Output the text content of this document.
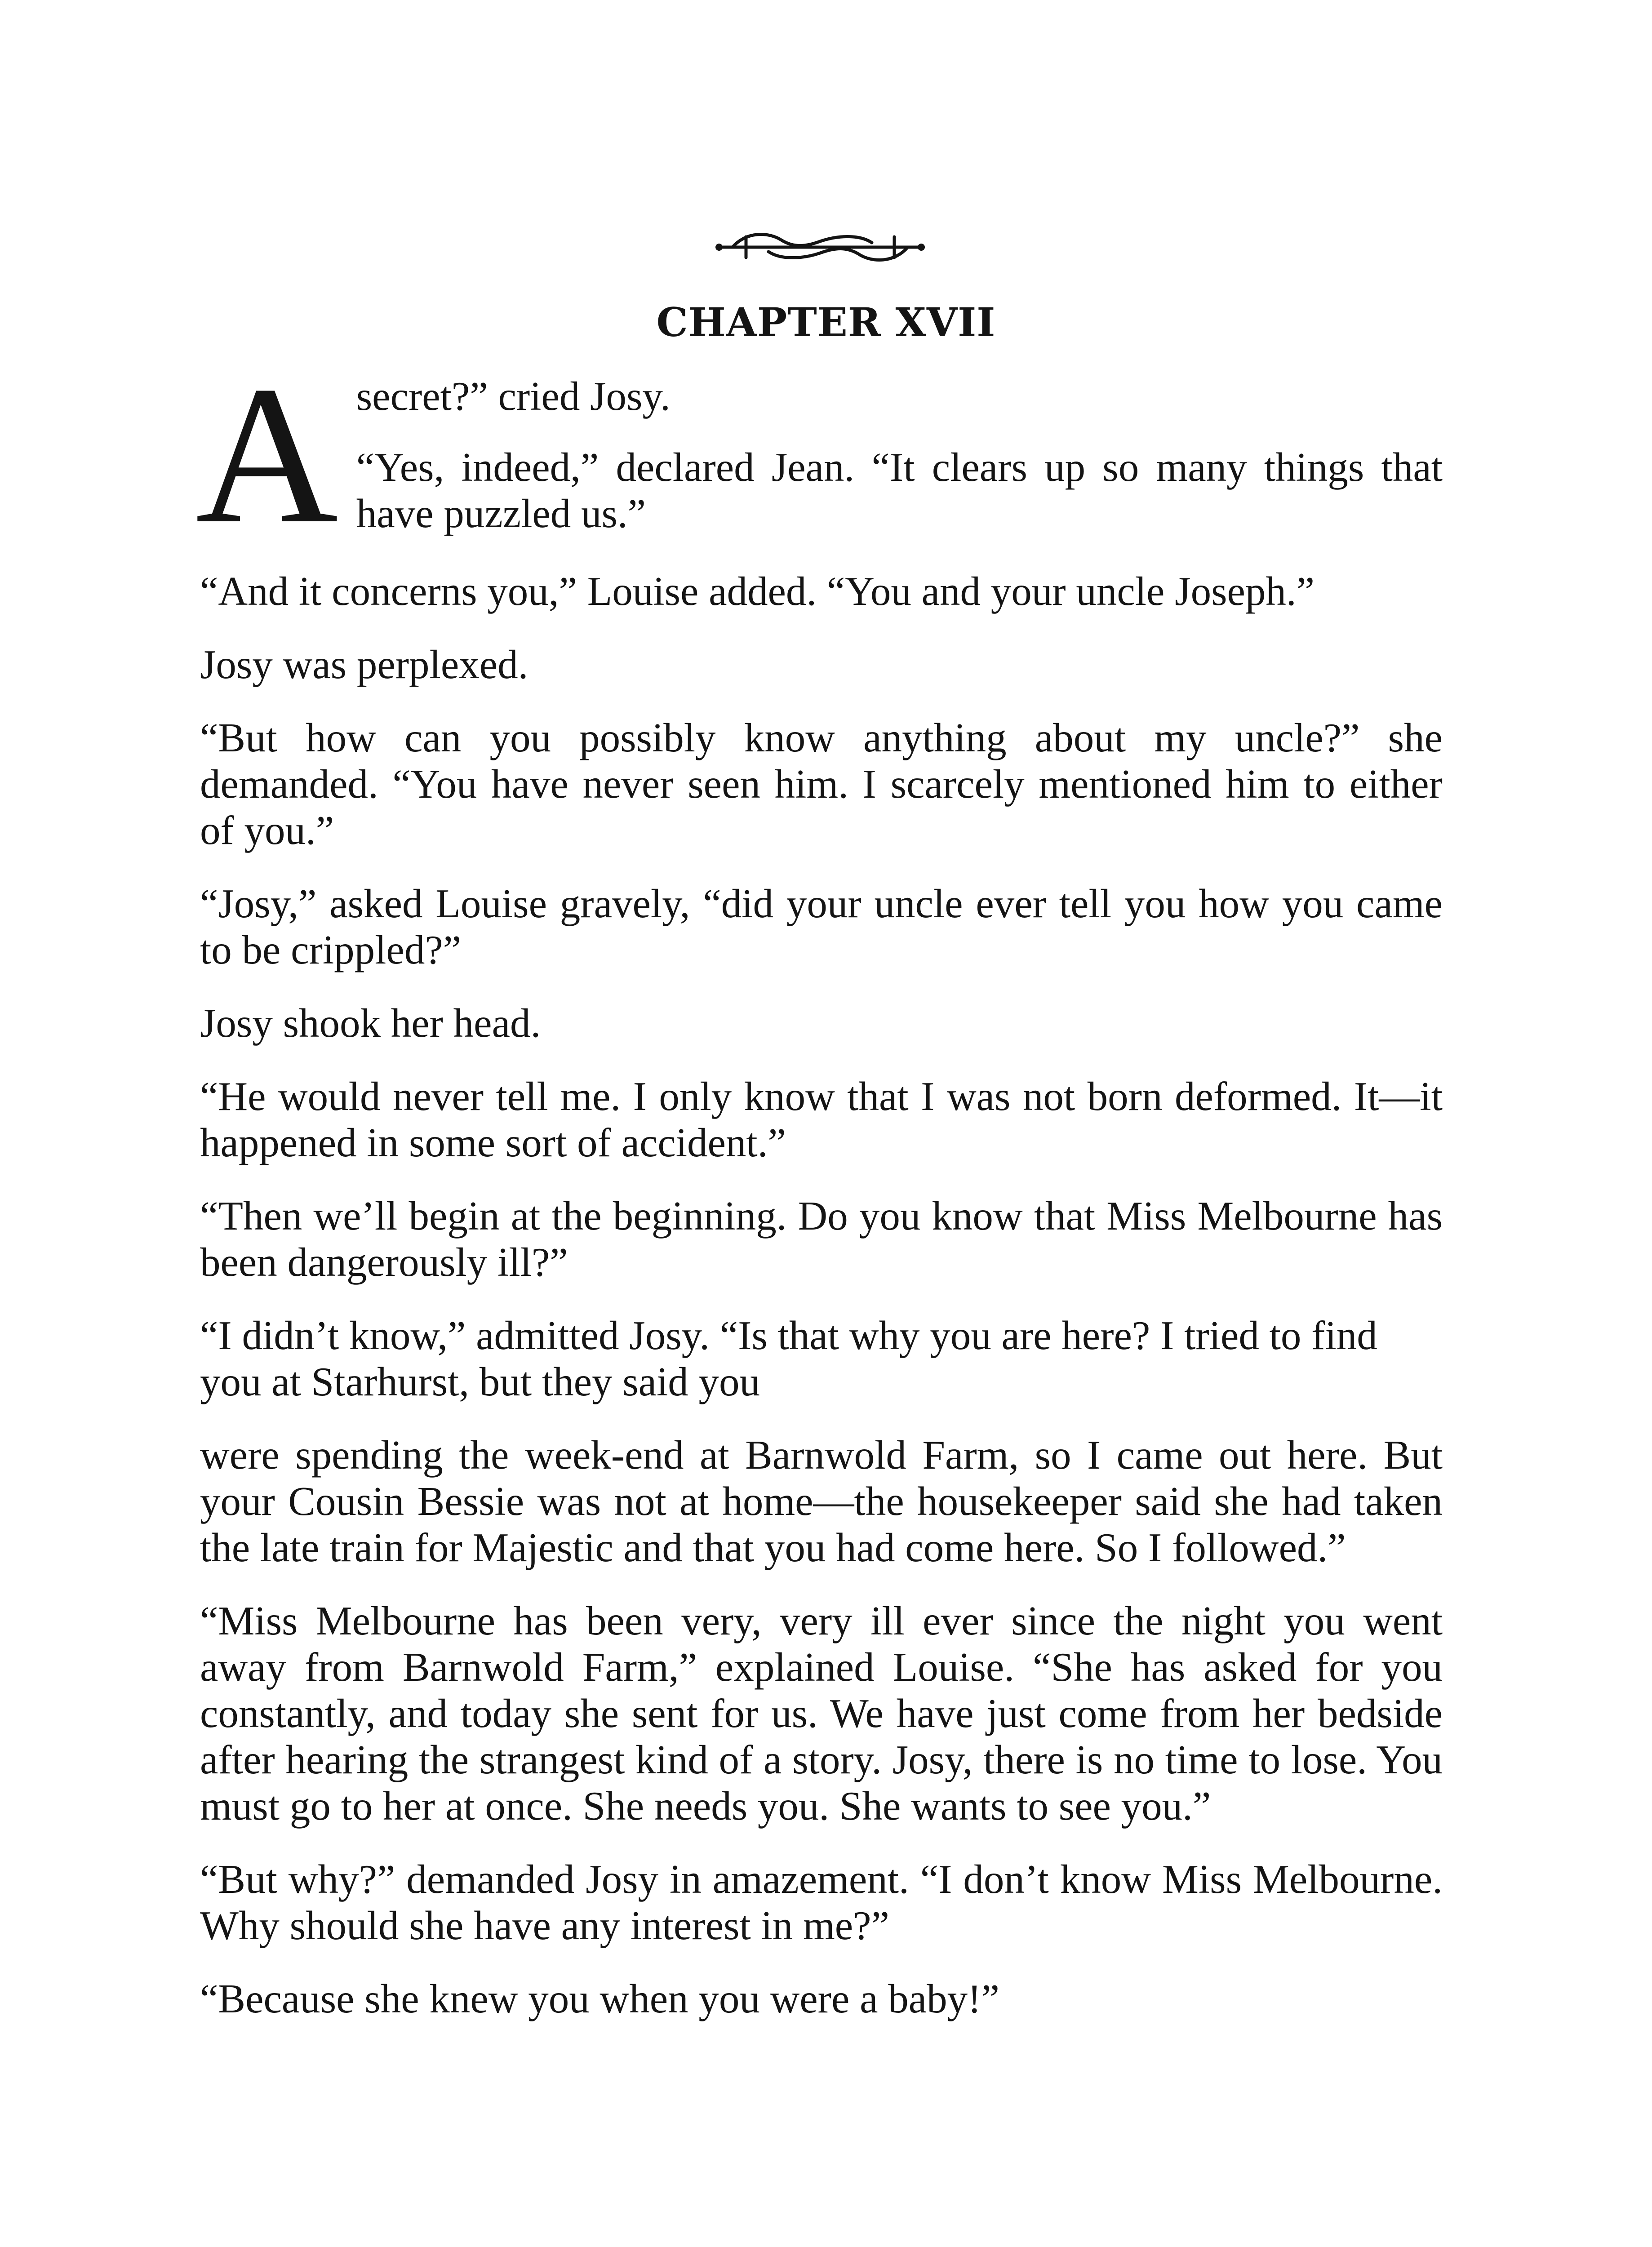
CHAPTER XVII

A secret?” cried Josy.

“Yes, indeed,” declared Jean. “It clears up so many things that have puzzled us.”

“And it concerns you,” Louise added. “You and your uncle Joseph.”

Josy was perplexed.

“But how can you possibly know anything about my uncle?” she demanded. “You have never seen him. I scarcely mentioned him to either of you.”

“Josy,” asked Louise gravely, “did your uncle ever tell you how you came to be crippled?”

Josy shook her head.

“He would never tell me. I only know that I was not born deformed. It—it happened in some sort of accident.”

“Then we’ll begin at the beginning. Do you know that Miss Melbourne has been dangerously ill?”

“I didn’t know,” admitted Josy. “Is that why you are here? I tried to find you at Starhurst, but they said you

were spending the week-end at Barnwold Farm, so I came out here. But your Cousin Bessie was not at home—the housekeeper said she had taken the late train for Majestic and that you had come here. So I followed.”

“Miss Melbourne has been very, very ill ever since the night you went away from Barnwold Farm,” explained Louise. “She has asked for you constantly, and today she sent for us. We have just come from her bedside after hearing the strangest kind of a story. Josy, there is no time to lose. You must go to her at once. She needs you. She wants to see you.”

“But why?” demanded Josy in amazement. “I don’t know Miss Melbourne. Why should she have any interest in me?”

“Because she knew you when you were a baby!”
